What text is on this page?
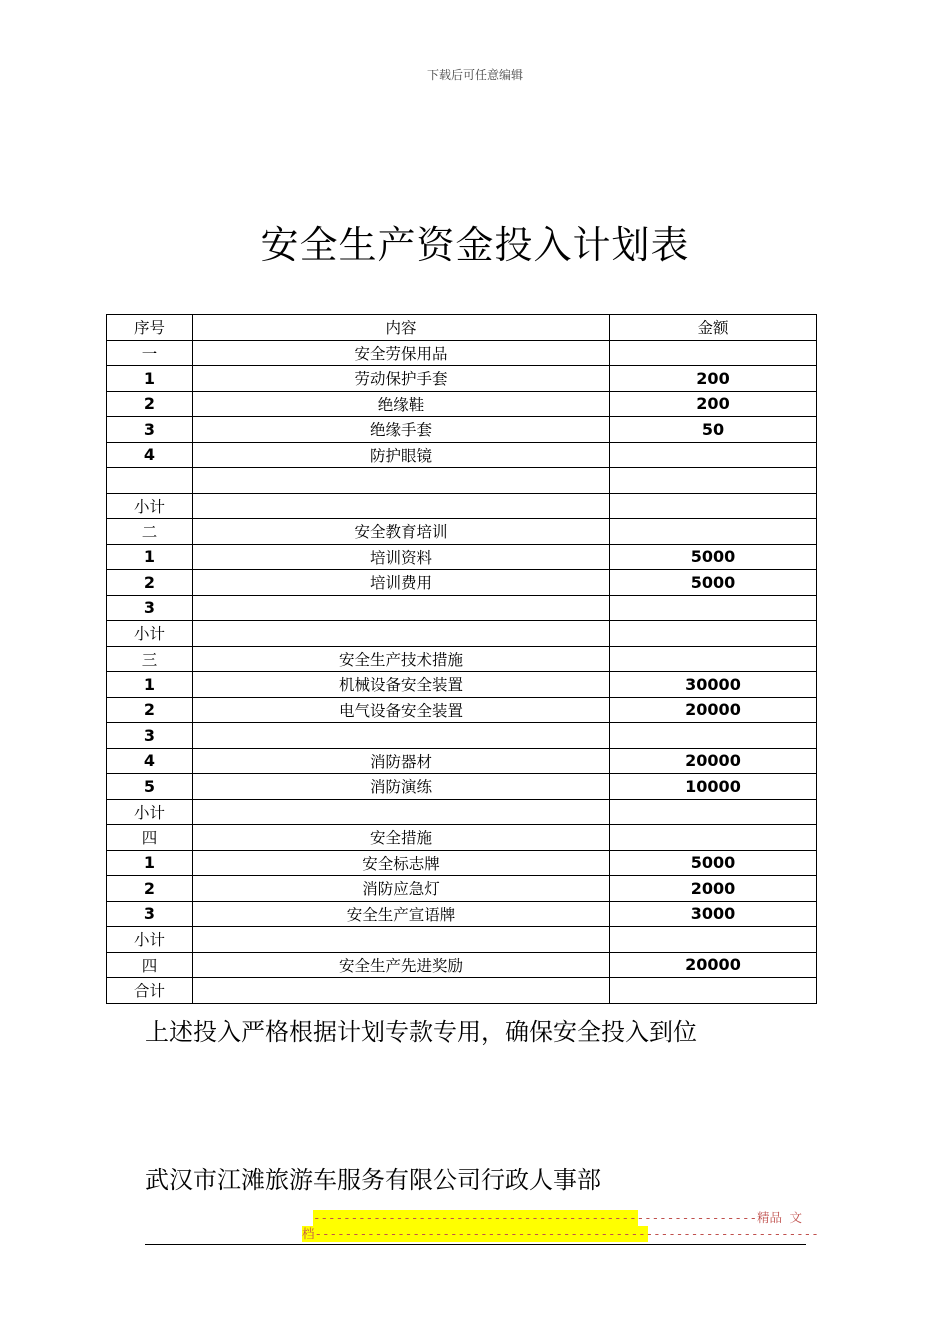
下载后可任意编辑
安全生产资金投入计划表
序号	内容	金额
一	安全劳保用品	
1	劳动保护手套	200
2	绝缘鞋	200
3	绝缘手套	50
4	防护眼镜	

小计		
二	安全教育培训	
1	培训资料	5000
2	培训费用	5000
3		
小计		
三	安全生产技术措施	
1	机械设备安全装置	30000
2	电气设备安全装置	20000
3		
4	消防器材	20000
5	消防演练	10000
小计		
四	安全措施	
1	安全标志牌	5000
2	消防应急灯	2000
3	安全生产宣语牌	3000
小计		
四	安全生产先进奖励	20000
合计		
上述投入严格根据计划专款专用，确保安全投入到位
武汉市江滩旅游车服务有限公司行政人事部
-----------------------------------------------------------精品 文
档-------------------------------------------------------------------
